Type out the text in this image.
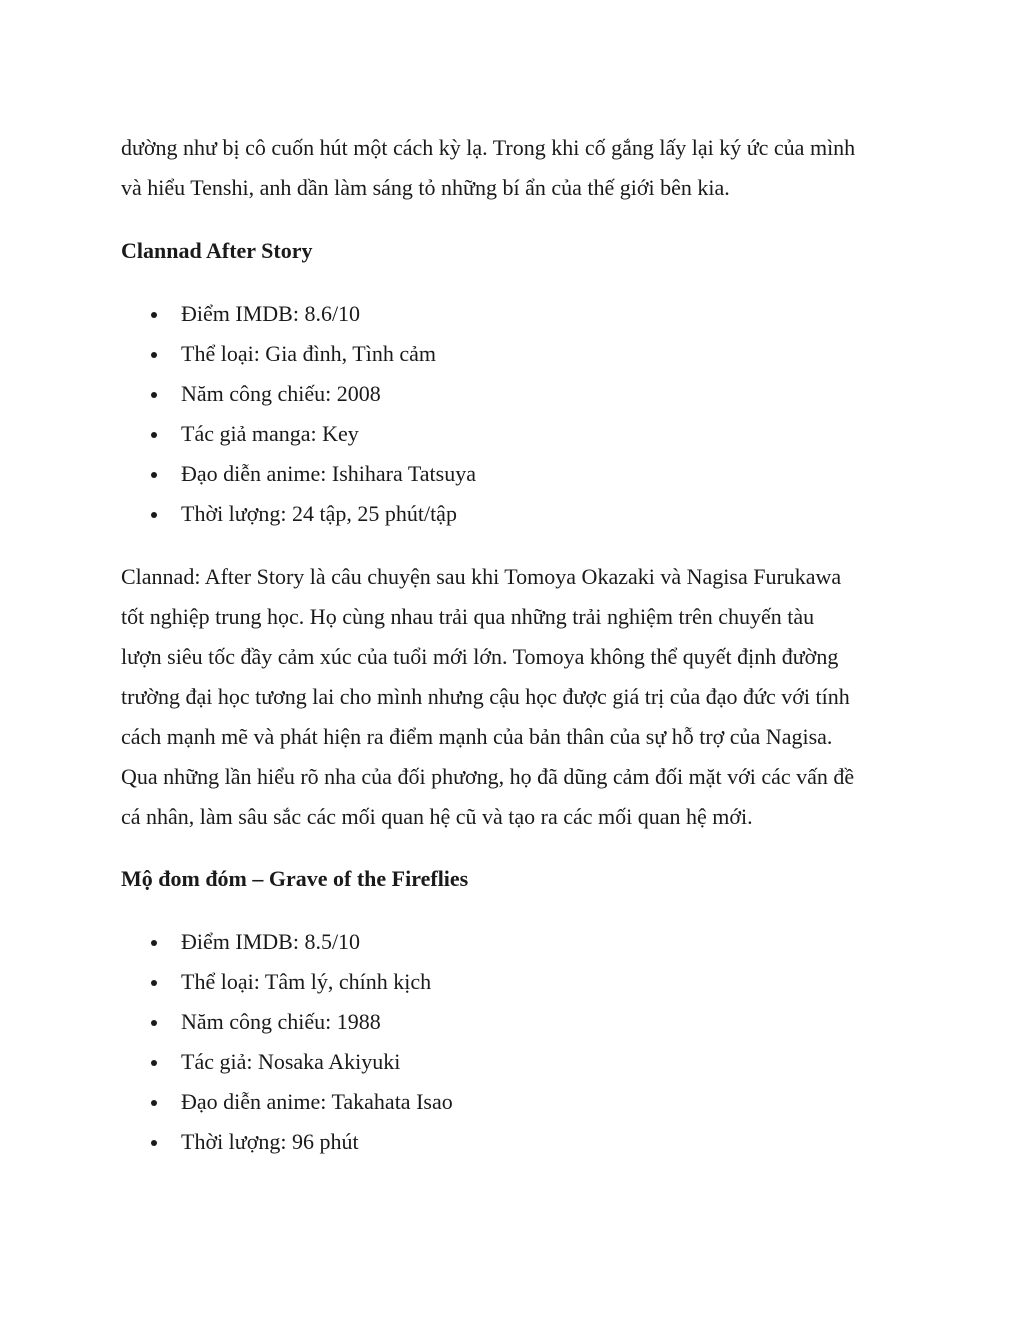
dường như bị cô cuốn hút một cách kỳ lạ. Trong khi cố gắng lấy lại ký ức của mình
và hiểu Tenshi, anh dần làm sáng tỏ những bí ẩn của thế giới bên kia.

Clannad After Story
Điểm IMDB: 8.6/10
Thể loại: Gia đình, Tình cảm
Năm công chiếu: 2008
Tác giả manga: Key
Đạo diễn anime: Ishihara Tatsuya
Thời lượng: 24 tập, 25 phút/tập

Clannad: After Story là câu chuyện sau khi Tomoya Okazaki và Nagisa Furukawa
tốt nghiệp trung học. Họ cùng nhau trải qua những trải nghiệm trên chuyến tàu
lượn siêu tốc đầy cảm xúc của tuổi mới lớn. Tomoya không thể quyết định đường
trường đại học tương lai cho mình nhưng cậu học được giá trị của đạo đức với tính
cách mạnh mẽ và phát hiện ra điểm mạnh của bản thân của sự hỗ trợ của Nagisa.
Qua những lần hiểu rõ nha của đối phương, họ đã dũng cảm đối mặt với các vấn đề
cá nhân, làm sâu sắc các mối quan hệ cũ và tạo ra các mối quan hệ mới.

Mộ đom đóm – Grave of the Fireflies
Điểm IMDB: 8.5/10
Thể loại: Tâm lý, chính kịch
Năm công chiếu: 1988
Tác giả: Nosaka Akiyuki
Đạo diễn anime: Takahata Isao
Thời lượng: 96 phút
